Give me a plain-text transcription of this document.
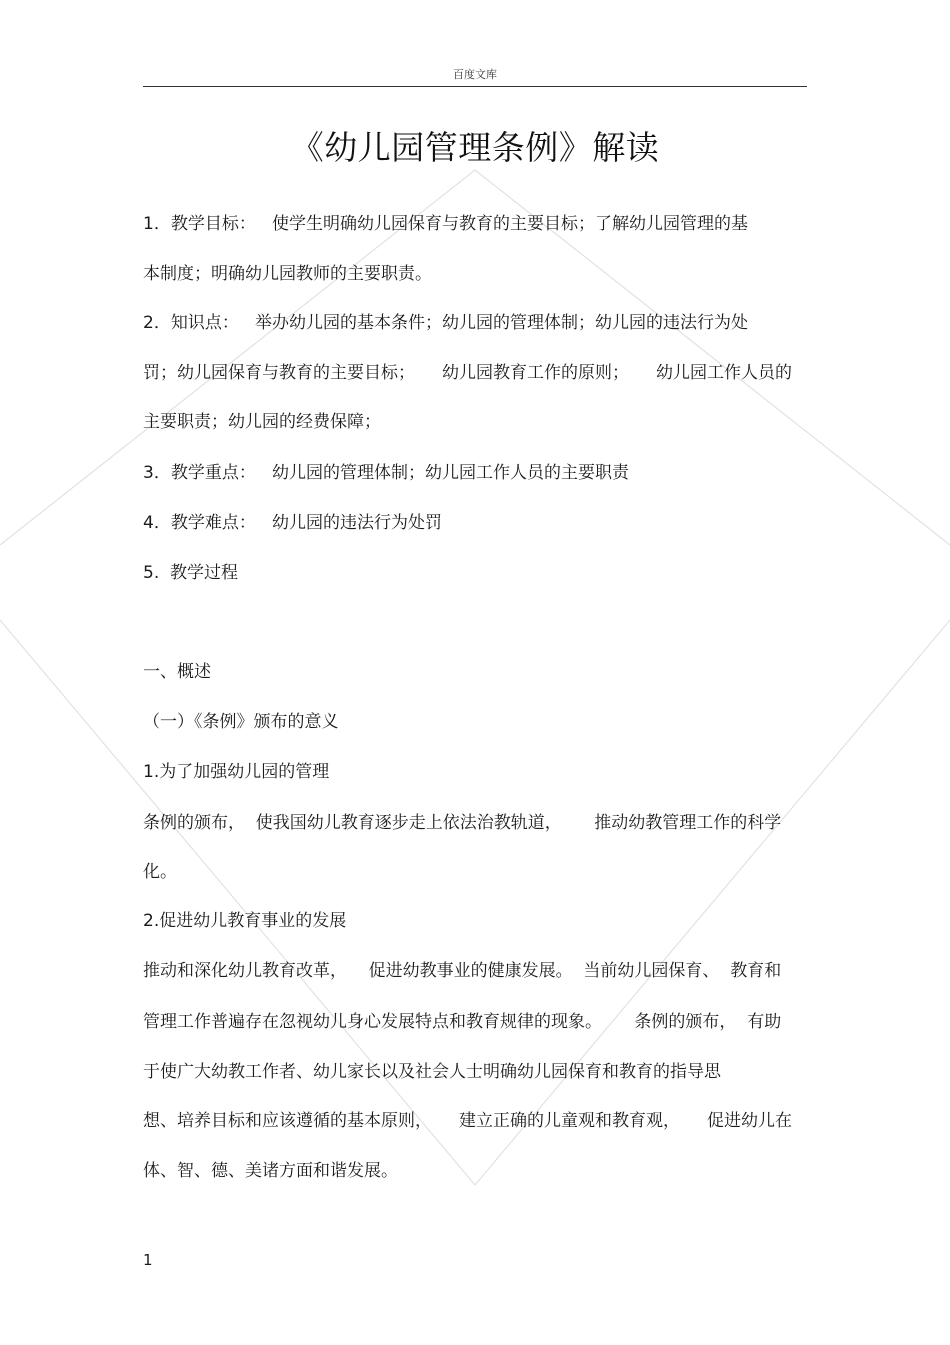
百度文库
《幼儿园管理条例》解读
1．教学目标：   使学生明确幼儿园保育与教育的主要目标；了解幼儿园管理的基
本制度；明确幼儿园教师的主要职责。
2．知识点：   举办幼儿园的基本条件；幼儿园的管理体制；幼儿园的违法行为处
罚；幼儿园保育与教育的主要目标；     幼儿园教育工作的原则；     幼儿园工作人员的
主要职责；幼儿园的经费保障；
3．教学重点：   幼儿园的管理体制；幼儿园工作人员的主要职责
4．教学难点：   幼儿园的违法行为处罚
5.  教学过程
一、概述
（一）《条例》颁布的意义
1.为了加强幼儿园的管理
条例的颁布，  使我国幼儿教育逐步走上依法治教轨道，      推动幼教管理工作的科学
化。
2.促进幼儿教育事业的发展
推动和深化幼儿教育改革，    促进幼教事业的健康发展。  当前幼儿园保育、  教育和
管理工作普遍存在忽视幼儿身心发展特点和教育规律的现象。      条例的颁布，  有助
于使广大幼教工作者、幼儿家长以及社会人士明确幼儿园保育和教育的指导思
想、培养目标和应该遵循的基本原则，     建立正确的儿童观和教育观，     促进幼儿在
体、智、德、美诸方面和谐发展。
1
